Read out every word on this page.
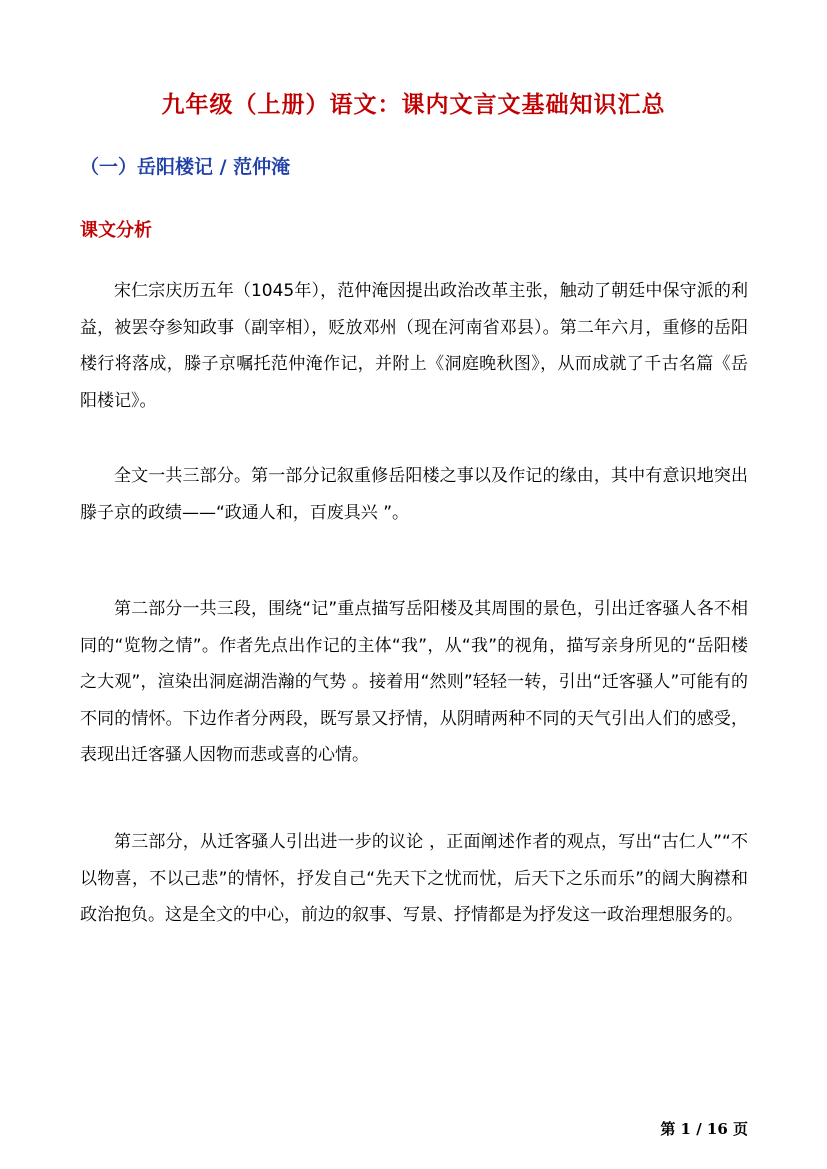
九年级（上册）语文：课内文言文基础知识汇总
（一）岳阳楼记 / 范仲淹
课文分析

宋仁宗庆历五年（1045年），范仲淹因提出政治改革主张，触动了朝廷中保守派的利益，被罢夺参知政事（副宰相），贬放邓州（现在河南省邓县）。第二年六月，重修的岳阳楼行将落成，滕子京嘱托范仲淹作记，并附上《洞庭晚秋图》，从而成就了千古名篇《岳阳楼记》。

全文一共三部分。第一部分记叙重修岳阳楼之事以及作记的缘由，其中有意识地突出滕子京的政绩——“政通人和，百废具兴 ”。

第二部分一共三段，围绕“记”重点描写岳阳楼及其周围的景色，引出迁客骚人各不相同的“览物之情”。作者先点出作记的主体“我”，从“我”的视角，描写亲身所见的“岳阳楼之大观”，渲染出洞庭湖浩瀚的气势 。接着用“然则”轻轻一转，引出“迁客骚人”可能有的不同的情怀。下边作者分两段，既写景又抒情，从阴晴两种不同的天气引出人们的感受，表现出迁客骚人因物而悲或喜的心情。

第三部分，从迁客骚人引出进一步的议论 ，正面阐述作者的观点，写出“古仁人”“不以物喜，不以己悲”的情怀，抒发自己“先天下之忧而忧，后天下之乐而乐”的阔大胸襟和政治抱负。这是全文的中心，前边的叙事、写景、抒情都是为抒发这一政治理想服务的。

第 1 / 16 页
